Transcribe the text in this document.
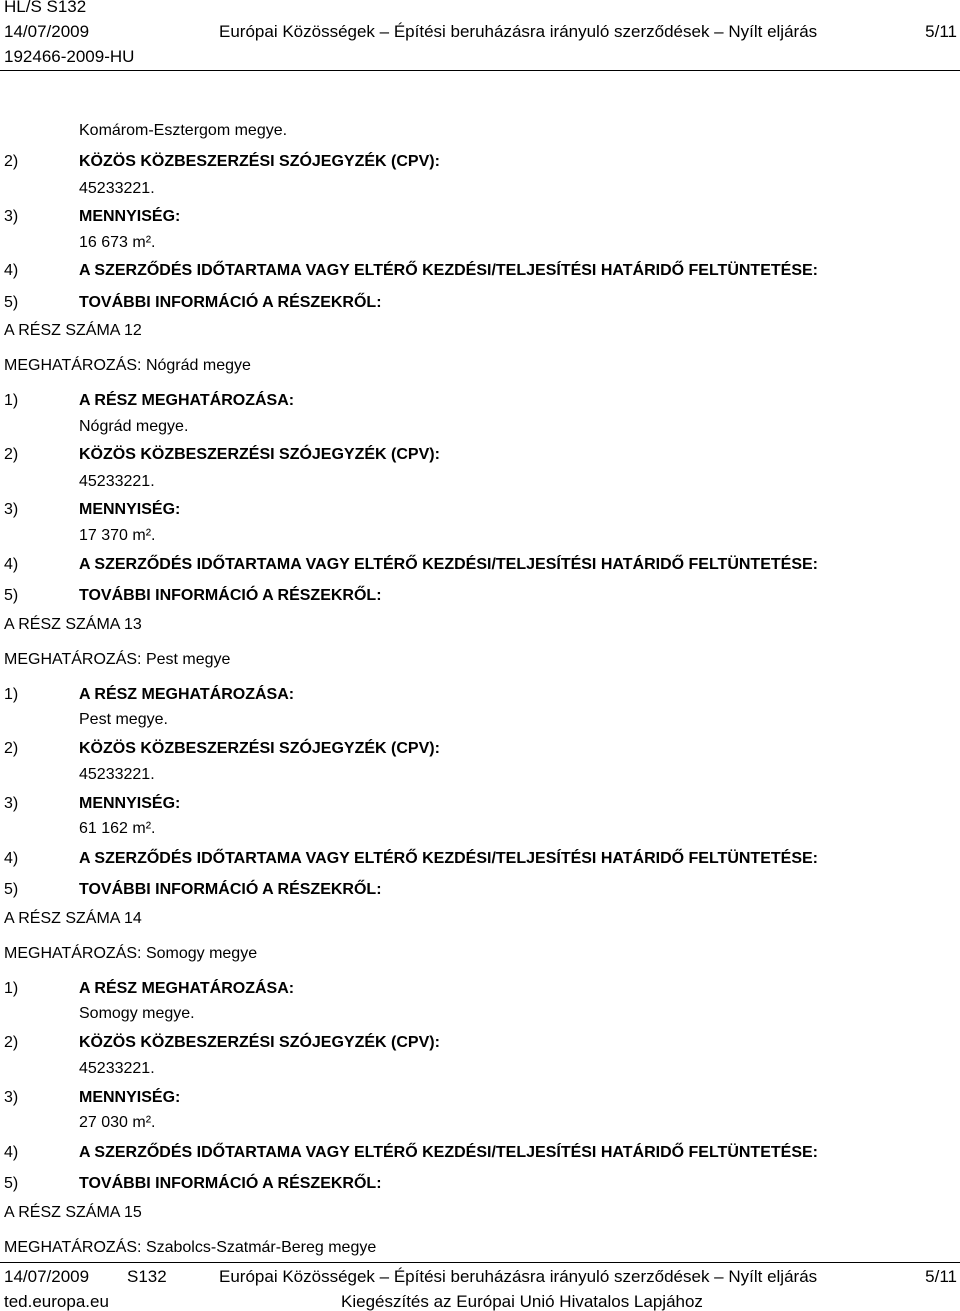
HL/S S132
14/07/2009	Európai Közösségek – Építési beruházásra irányuló szerződések – Nyílt eljárás	5/11
192466-2009-HU
Komárom-Esztergom megye.
2)	KÖZÖS KÖZBESZERZÉSI SZÓJEGYZÉK (CPV):
45233221.
3)	MENNYISÉG:
16 673 m².
4)	A SZERZŐDÉS IDŐTARTAMA VAGY ELTÉRŐ KEZDÉSI/TELJESÍTÉSI HATÁRIDŐ FELTÜNTETÉSE:
5)	TOVÁBBI INFORMÁCIÓ A RÉSZEKRŐL:
A RÉSZ SZÁMA 12
MEGHATÁROZÁS: Nógrád megye
1)	A RÉSZ MEGHATÁROZÁSA:
Nógrád megye.
2)	KÖZÖS KÖZBESZERZÉSI SZÓJEGYZÉK (CPV):
45233221.
3)	MENNYISÉG:
17 370 m².
4)	A SZERZŐDÉS IDŐTARTAMA VAGY ELTÉRŐ KEZDÉSI/TELJESÍTÉSI HATÁRIDŐ FELTÜNTETÉSE:
5)	TOVÁBBI INFORMÁCIÓ A RÉSZEKRŐL:
A RÉSZ SZÁMA 13
MEGHATÁROZÁS: Pest megye
1)	A RÉSZ MEGHATÁROZÁSA:
Pest megye.
2)	KÖZÖS KÖZBESZERZÉSI SZÓJEGYZÉK (CPV):
45233221.
3)	MENNYISÉG:
61 162 m².
4)	A SZERZŐDÉS IDŐTARTAMA VAGY ELTÉRŐ KEZDÉSI/TELJESÍTÉSI HATÁRIDŐ FELTÜNTETÉSE:
5)	TOVÁBBI INFORMÁCIÓ A RÉSZEKRŐL:
A RÉSZ SZÁMA 14
MEGHATÁROZÁS: Somogy megye
1)	A RÉSZ MEGHATÁROZÁSA:
Somogy megye.
2)	KÖZÖS KÖZBESZERZÉSI SZÓJEGYZÉK (CPV):
45233221.
3)	MENNYISÉG:
27 030 m².
4)	A SZERZŐDÉS IDŐTARTAMA VAGY ELTÉRŐ KEZDÉSI/TELJESÍTÉSI HATÁRIDŐ FELTÜNTETÉSE:
5)	TOVÁBBI INFORMÁCIÓ A RÉSZEKRŐL:
A RÉSZ SZÁMA 15
MEGHATÁROZÁS: Szabolcs-Szatmár-Bereg megye
14/07/2009 S132	Európai Közösségek – Építési beruházásra irányuló szerződések – Nyílt eljárás	5/11
ted.europa.eu	Kiegészítés az Európai Unió Hivatalos Lapjához
